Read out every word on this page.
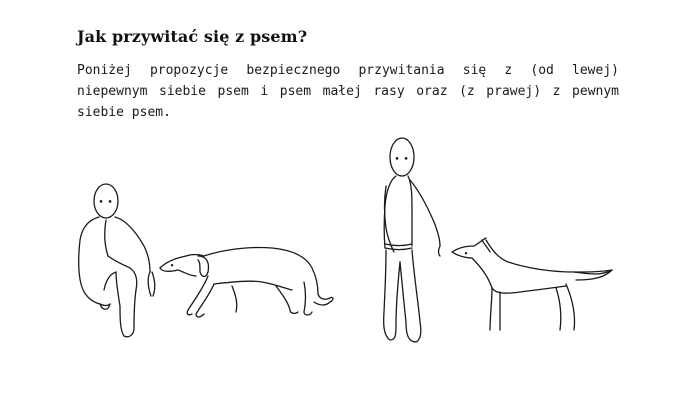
Jak przywitać się z psem?

Poniżej propozycje bezpiecznego przywitania się z (od lewej) niepewnym siebie psem i psem małej rasy oraz (z prawej) z pewnym siebie psem.
